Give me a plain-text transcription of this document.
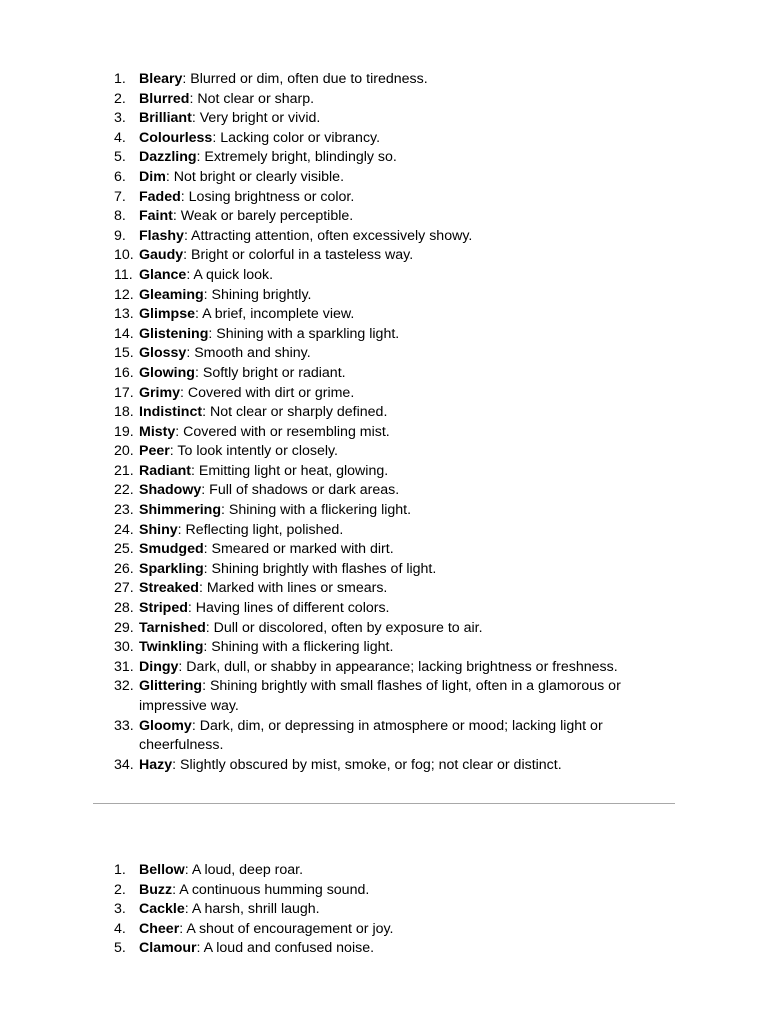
1. Bleary: Blurred or dim, often due to tiredness.
2. Blurred: Not clear or sharp.
3. Brilliant: Very bright or vivid.
4. Colourless: Lacking color or vibrancy.
5. Dazzling: Extremely bright, blindingly so.
6. Dim: Not bright or clearly visible.
7. Faded: Losing brightness or color.
8. Faint: Weak or barely perceptible.
9. Flashy: Attracting attention, often excessively showy.
10. Gaudy: Bright or colorful in a tasteless way.
11. Glance: A quick look.
12. Gleaming: Shining brightly.
13. Glimpse: A brief, incomplete view.
14. Glistening: Shining with a sparkling light.
15. Glossy: Smooth and shiny.
16. Glowing: Softly bright or radiant.
17. Grimy: Covered with dirt or grime.
18. Indistinct: Not clear or sharply defined.
19. Misty: Covered with or resembling mist.
20. Peer: To look intently or closely.
21. Radiant: Emitting light or heat, glowing.
22. Shadowy: Full of shadows or dark areas.
23. Shimmering: Shining with a flickering light.
24. Shiny: Reflecting light, polished.
25. Smudged: Smeared or marked with dirt.
26. Sparkling: Shining brightly with flashes of light.
27. Streaked: Marked with lines or smears.
28. Striped: Having lines of different colors.
29. Tarnished: Dull or discolored, often by exposure to air.
30. Twinkling: Shining with a flickering light.
31. Dingy: Dark, dull, or shabby in appearance; lacking brightness or freshness.
32. Glittering: Shining brightly with small flashes of light, often in a glamorous or impressive way.
33. Gloomy: Dark, dim, or depressing in atmosphere or mood; lacking light or cheerfulness.
34. Hazy: Slightly obscured by mist, smoke, or fog; not clear or distinct.
1. Bellow: A loud, deep roar.
2. Buzz: A continuous humming sound.
3. Cackle: A harsh, shrill laugh.
4. Cheer: A shout of encouragement or joy.
5. Clamour: A loud and confused noise.
